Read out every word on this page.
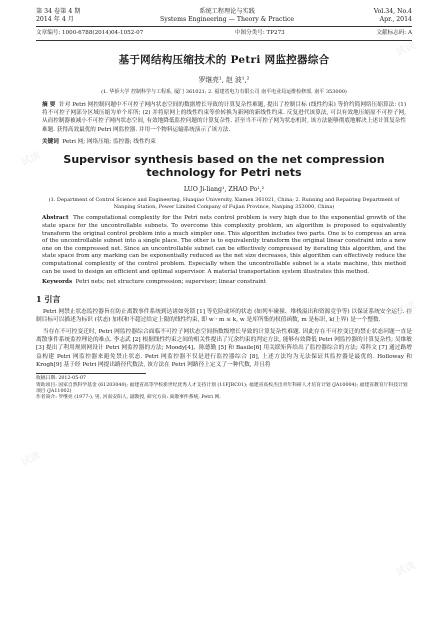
第 34 卷第 4 期
2014 年 4 月
系统工程理论与实践
Systems Engineering — Theory & Practice
Vol.34, No.4
Apr., 2014
文章编号: 1000-6788(2014)04-1052-07	中图分类号: TP273	文献标志码: A
基于网结构压缩技术的 Petri 网监控器综合
罗继亮¹, 赵 波¹,²
(1. 华侨大学 控制科学与工程系, 厦门 361021; 2. 福建省电力有限公司 南平电业局运维检修部, 南平 353000)
摘 要 针对 Petri 网控制问题中不可控子网内状态空间的数据增长导致的计算复杂性难题, 提出了控制目标 (线性约束) 等价约简网络压缩算法: (1) 将不可控子网部分区域压缩为单个库所; (2) 并将原网上的线性约束等价转换为新网的新线性约束. 反复进代该算法, 可以有效地压缩原不可控子网, 从而控制器被减小不可控子网内状态空间, 有效地降低监控问题的计算复杂性. 甚至当不可控子网为状态机时, 该方法能够彻底地解决上述计算复杂性难题. 获得高效最优的 Petri 网监控器. 并用一个物料运输系统演示了该方法.
关键词 Petri 网; 网络压缩; 监控器; 线性约束
Supervisor synthesis based on the net compression technology for Petri nets
LUO Ji-liang¹, ZHAO Po¹,²
(1. Department of Control Science and Engineering, Huaqiao University, Xiamen 361021, China; 2. Running and Repairing Department of Nanping Station, Power Limited Company of Fujian Province, Nanping 353000, China)
Abstract The computational complexity for the Petri nets control problem is very high due to the exponential growth of the state space for the uncontrollable subnets. To overcome this complexity problem, an algorithm is proposed to equivalently transform the original control problem into a much simpler one. This algorithm includes two parts. One is to compress an area of the uncontrollable subnet into a single place. The other is to equivalently transform the original linear constraint into a new one on the compressed net. Since an uncontrollable subnet can be effectively compressed by iterating this algorithm, and the state space from any marking can be exponentially reduced as the net size decreases, this algorithm can effectively reduce the computational complexity of the control problem. Especially when the uncontrollable subnet is a state machine, this method can be used to design an efficient and optimal supervisor. A material transportation system illustrates this method.
Keywords Petri nets; net structure compression; supervisor; linear constraint
1 引言
Petri 网禁止状态监控器旨在防止离散事件系统到达诸如死锁 [1] 等危险或坏的状态 (如列车碰撞、堆栈溢出和资源竞争等) 以保证系统安全运行. 控制目标可以描述为标识 (状态) 加权和不超过给定上限的线性约束, 即 w · m ≤ k, w 是库所集的权值函数, m 是标识, k(上界) 是一个整数.
当存在不可控变迁时, Petri 网监控器综合面临不可控子网状态空间指数级增长导致的计算复杂性难题. 因此存在不可控变迁的禁止状态问题一直是离散事件系统监控理论的难点. 李志武 [2] 根据线性约束之间的相关性提出了冗余约束的判定方法, 能够有效降低 Petri 网监控器的计算复杂性; 吴维敏 [3] 提出了利用规则网设计 Petri 网监控器的方法; Moody[4]、陈德勤 [5] 和 Basile[6] 用关联矩阵给出了监控器综合的方法; 邓科文 [7] 通过路增益构建 Petri 网监控器来避免禁止状态. Petri 网监控器不仅是进行监控器综合 [8], 上述方法均为无法保证其监控器是最优的. Holloway 和 Krogh[9] 基于经 Petri 网提出路径代数法, 该方法在 Petri 网路径上定义了一种代数, 并且将
收稿日期: 2012-05-07
资助项目: 国家自然科学基金 (61203040); 福建省高等学校新世纪优秀人才支持计划 (11FJRC01); 福建省高校杰出青年科研人才培育计划 (JA10004); 福建省教育厅科技计划项目 (JA11002)
作者简介: 罗继亮 (1977-), 男, 河南安阳人, 副教授, 研究方向: 离散事件系统, Petri 网.
试读
试读
试读
试读
试读
